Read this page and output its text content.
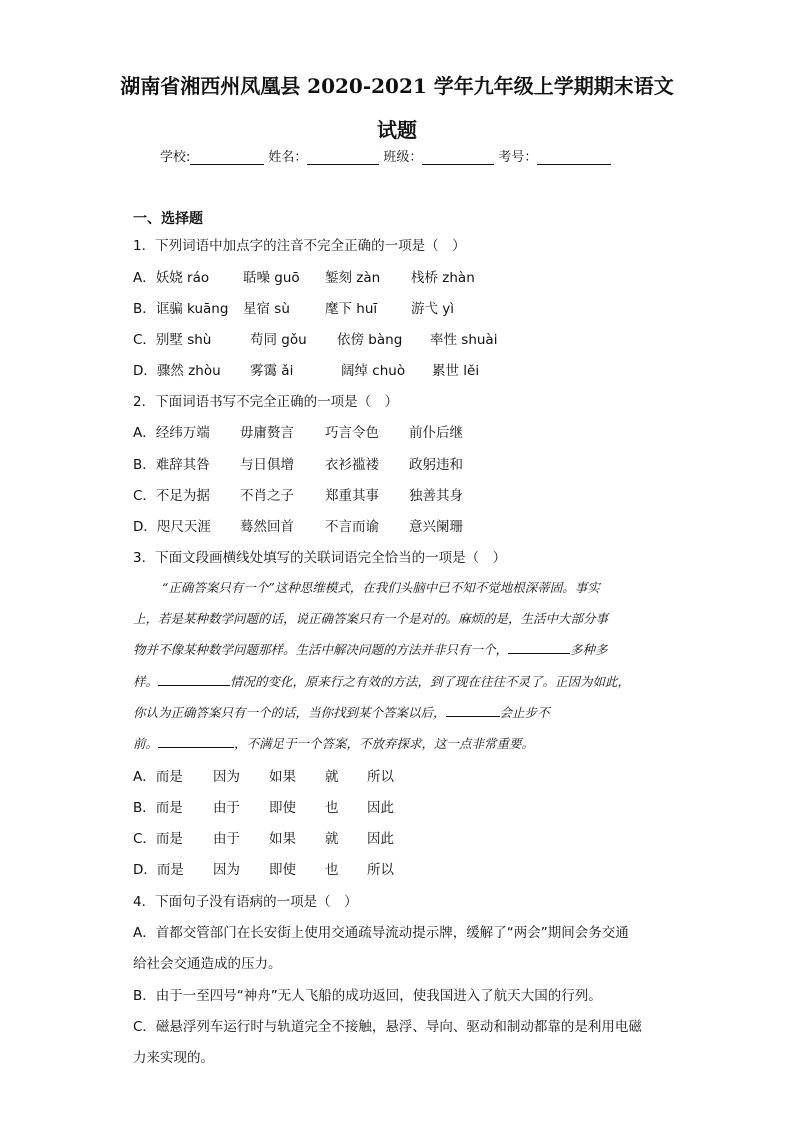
湖南省湘西州凤凰县 2020-2021 学年九年级上学期期末语文
试题
学校:	姓名：	班级：	考号：
一、选择题
1．下列词语中加点字的注音不完全正确的一项是（　）
A．妖娆 ráo	聒噪 guō 錾刻 zàn 栈桥 zhàn
B．诓骗 kuāng 星宿 sù	麾下 huī	游弋 yì
C．别墅 shù	苟同 gǒu 依傍 bàng 率性 shuài
D．骤然 zhòu 雾霭 ǎi	阔绰 chuò 累世 lěi
2．下面词语书写不完全正确的一项是（　）
A．经纬万端 毋庸赘言 巧言令色 前仆后继
B．难辞其咎 与日俱增 衣衫褴褛 政躬违和
C．不足为据 不肖之子 郑重其事 独善其身
D．咫尺天涯 蓦然回首 不言而谕 意兴阑珊
3．下面文段画横线处填写的关联词语完全恰当的一项是（　）
“正确答案只有一个”这种思维模式，在我们头脑中已不知不觉地根深蒂固。事实
上，若是某种数学问题的话，说正确答案只有一个是对的。麻烦的是，生活中大部分事
物并不像某种数学问题那样。生活中解决问题的方法并非只有一个，	多种多
样。	情况的变化，原来行之有效的方法，到了现在往往不灵了。正因为如此，
你认为正确答案只有一个的话，当你找到某个答案以后，	会止步不
前。	，不满足于一个答案，不放弃探求，这一点非常重要。
A．而是 因为 如果 就 所以
B．而是 由于 即使 也 因此
C．而是 由于 如果 就 因此
D．而是 因为 即使 也 所以
4．下面句子没有语病的一项是（　）
A．首都交管部门在长安街上使用交通疏导流动提示牌，缓解了“两会”期间会务交通
给社会交通造成的压力。
B．由于一至四号“神舟”无人飞船的成功返回，使我国进入了航天大国的行列。
C．磁悬浮列车运行时与轨道完全不接触，悬浮、导向、驱动和制动都靠的是利用电磁
力来实现的。
